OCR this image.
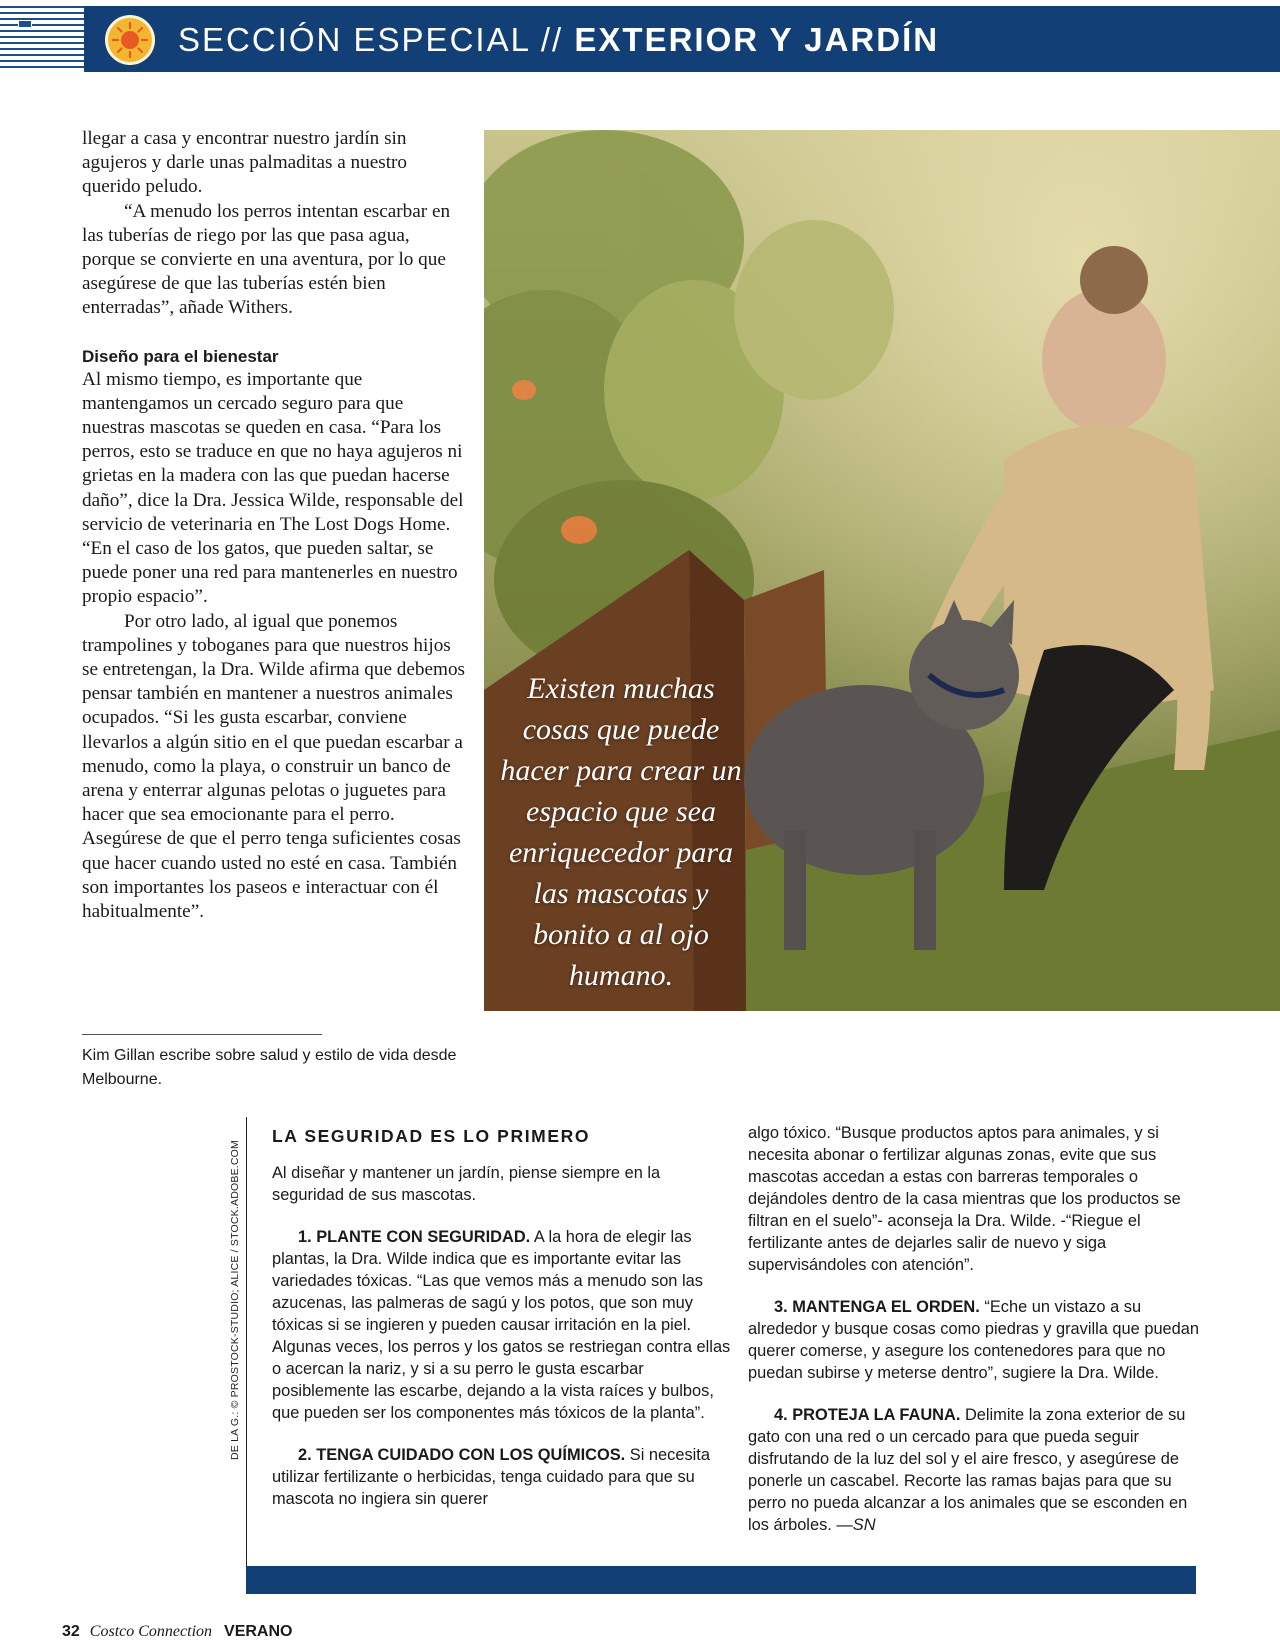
SECCIÓN ESPECIAL // EXTERIOR Y JARDÍN

llegar a casa y encontrar nuestro jardín sin agujeros y darle unas palmaditas a nuestro querido peludo.

“A menudo los perros intentan escarbar en las tuberías de riego por las que pasa agua, porque se convierte en una aventura, por lo que asegúrese de que las tuberías estén bien enterradas”, añade Withers.

Diseño para el bienestar

Al mismo tiempo, es importante que mantengamos un cercado seguro para que nuestras mascotas se queden en casa. “Para los perros, esto se traduce en que no haya agujeros ni grietas en la madera con las que puedan hacerse daño”, dice la Dra. Jessica Wilde, responsable del servicio de veterinaria en The Lost Dogs Home. “En el caso de los gatos, que pueden saltar, se puede poner una red para mantenerles en nuestro propio espacio”.

Por otro lado, al igual que ponemos trampolines y toboganes para que nuestros hijos se entretengan, la Dra. Wilde afirma que debemos pensar también en mantener a nuestros animales ocupados. “Si les gusta escarbar, conviene llevarlos a algún sitio en el que puedan escarbar a menudo, como la playa, o construir un banco de arena y enterrar algunas pelotas o juguetes para hacer que sea emocionante para el perro. Asegúrese de que el perro tenga suficientes cosas que hacer cuando usted no esté en casa. También son importantes los paseos e interactuar con él habitualmente”.

Kim Gillan escribe sobre salud y estilo de vida desde Melbourne.
Existen muchas cosas que puede hacer para crear un espacio que sea enriquecedor para las mascotas y bonito a al ojo humano.
DE LA G.: © PROSTOCK-STUDIO; ALICE / STOCK.ADOBE.COM
LA SEGURIDAD ES LO PRIMERO

Al diseñar y mantener un jardín, piense siempre en la seguridad de sus mascotas.

1. PLANTE CON SEGURIDAD. A la hora de elegir las plantas, la Dra. Wilde indica que es importante evitar las variedades tóxicas. “Las que vemos más a menudo son las azucenas, las palmeras de sagú y los potos, que son muy tóxicas si se ingieren y pueden causar irritación en la piel. Algunas veces, los perros y los gatos se restriegan contra ellas o acercan la nariz, y si a su perro le gusta escarbar posiblemente las escarbe, dejando a la vista raíces y bulbos, que pueden ser los componentes más tóxicos de la planta”.

2. TENGA CUIDADO CON LOS QUÍMICOS. Si necesita utilizar fertilizante o herbicidas, tenga cuidado para que su mascota no ingiera sin querer

algo tóxico. “Busque productos aptos para animales, y si necesita abonar o fertilizar algunas zonas, evite que sus mascotas accedan a estas con barreras temporales o dejándoles dentro de la casa mientras que los productos se filtran en el suelo”- aconseja la Dra. Wilde. -“Riegue el fertilizante antes de dejarles salir de nuevo y siga supervisándoles con atención”.

3. MANTENGA EL ORDEN. “Eche un vistazo a su alrededor y busque cosas como piedras y gravilla que puedan querer comerse, y asegure los contenedores para que no puedan subirse y meterse dentro”, sugiere la Dra. Wilde.

4. PROTEJA LA FAUNA. Delimite la zona exterior de su gato con una red o un cercado para que pueda seguir disfrutando de la luz del sol y el aire fresco, y asegúrese de ponerle un cascabel. Recorte las ramas bajas para que su perro no pueda alcanzar a los animales que se esconden en los árboles. —SN

32 Costco Connection VERANO
